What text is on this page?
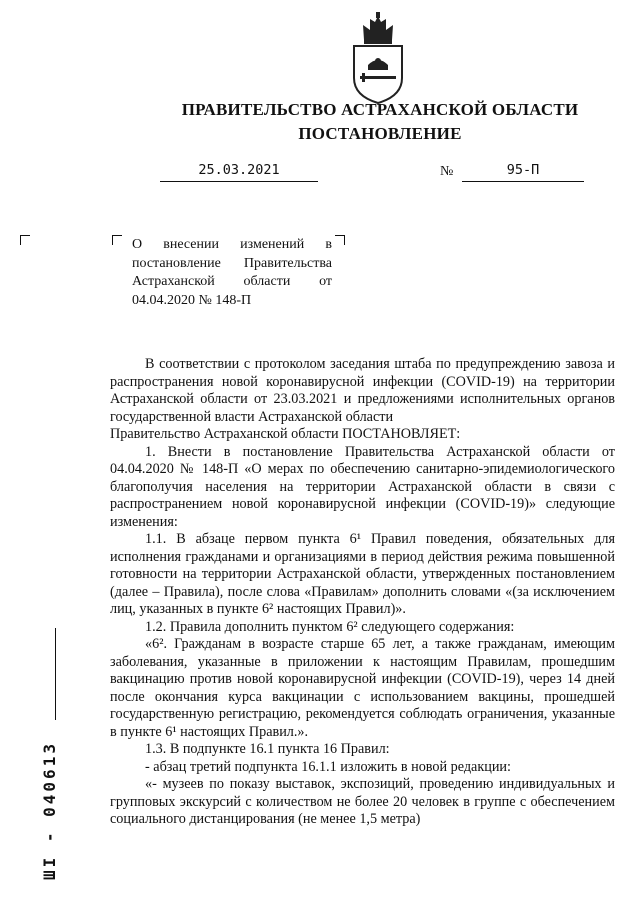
ПРАВИТЕЛЬСТВО АСТРАХАНСКОЙ ОБЛАСТИ
ПОСТАНОВЛЕНИЕ
25.03.2021	№	95-П
О внесении изменений в постановление Правительства Астраханской области от 04.04.2020 № 148-П

В соответствии с протоколом заседания штаба по предупреждению завоза и распространения новой коронавирусной инфекции (COVID-19) на территории Астраханской области от 23.03.2021 и предложениями исполнительных органов государственной власти Астраханской области

Правительство Астраханской области ПОСТАНОВЛЯЕТ:

1. Внести в постановление Правительства Астраханской области от 04.04.2020 № 148-П «О мерах по обеспечению санитарно-эпидемиологического благополучия населения на территории Астраханской области в связи с распространением новой коронавирусной инфекции (COVID-19)» следующие изменения:

1.1. В абзаце первом пункта 6¹ Правил поведения, обязательных для исполнения гражданами и организациями в период действия режима повышенной готовности на территории Астраханской области, утвержденных постановлением (далее – Правила), после слова «Правилам» дополнить словами «(за исключением лиц, указанных в пункте 6² настоящих Правил)».

1.2. Правила дополнить пунктом 6² следующего содержания:

«6². Гражданам в возрасте старше 65 лет, а также гражданам, имеющим заболевания, указанные в приложении к настоящим Правилам, прошедшим вакцинацию против новой коронавирусной инфекции (COVID-19), через 14 дней после окончания курса вакцинации с использованием вакцины, прошедшей государственную регистрацию, рекомендуется соблюдать ограничения, указанные в пункте 6¹ настоящих Правил.».

1.3. В подпункте 16.1 пункта 16 Правил:

- абзац третий подпункта 16.1.1 изложить в новой редакции:

«- музеев по показу выставок, экспозиций, проведению индивидуальных и групповых экскурсий с количеством не более 20 человек в группе с обеспечением социального дистанцирования (не менее 1,5 метра)

ШI - 040613
